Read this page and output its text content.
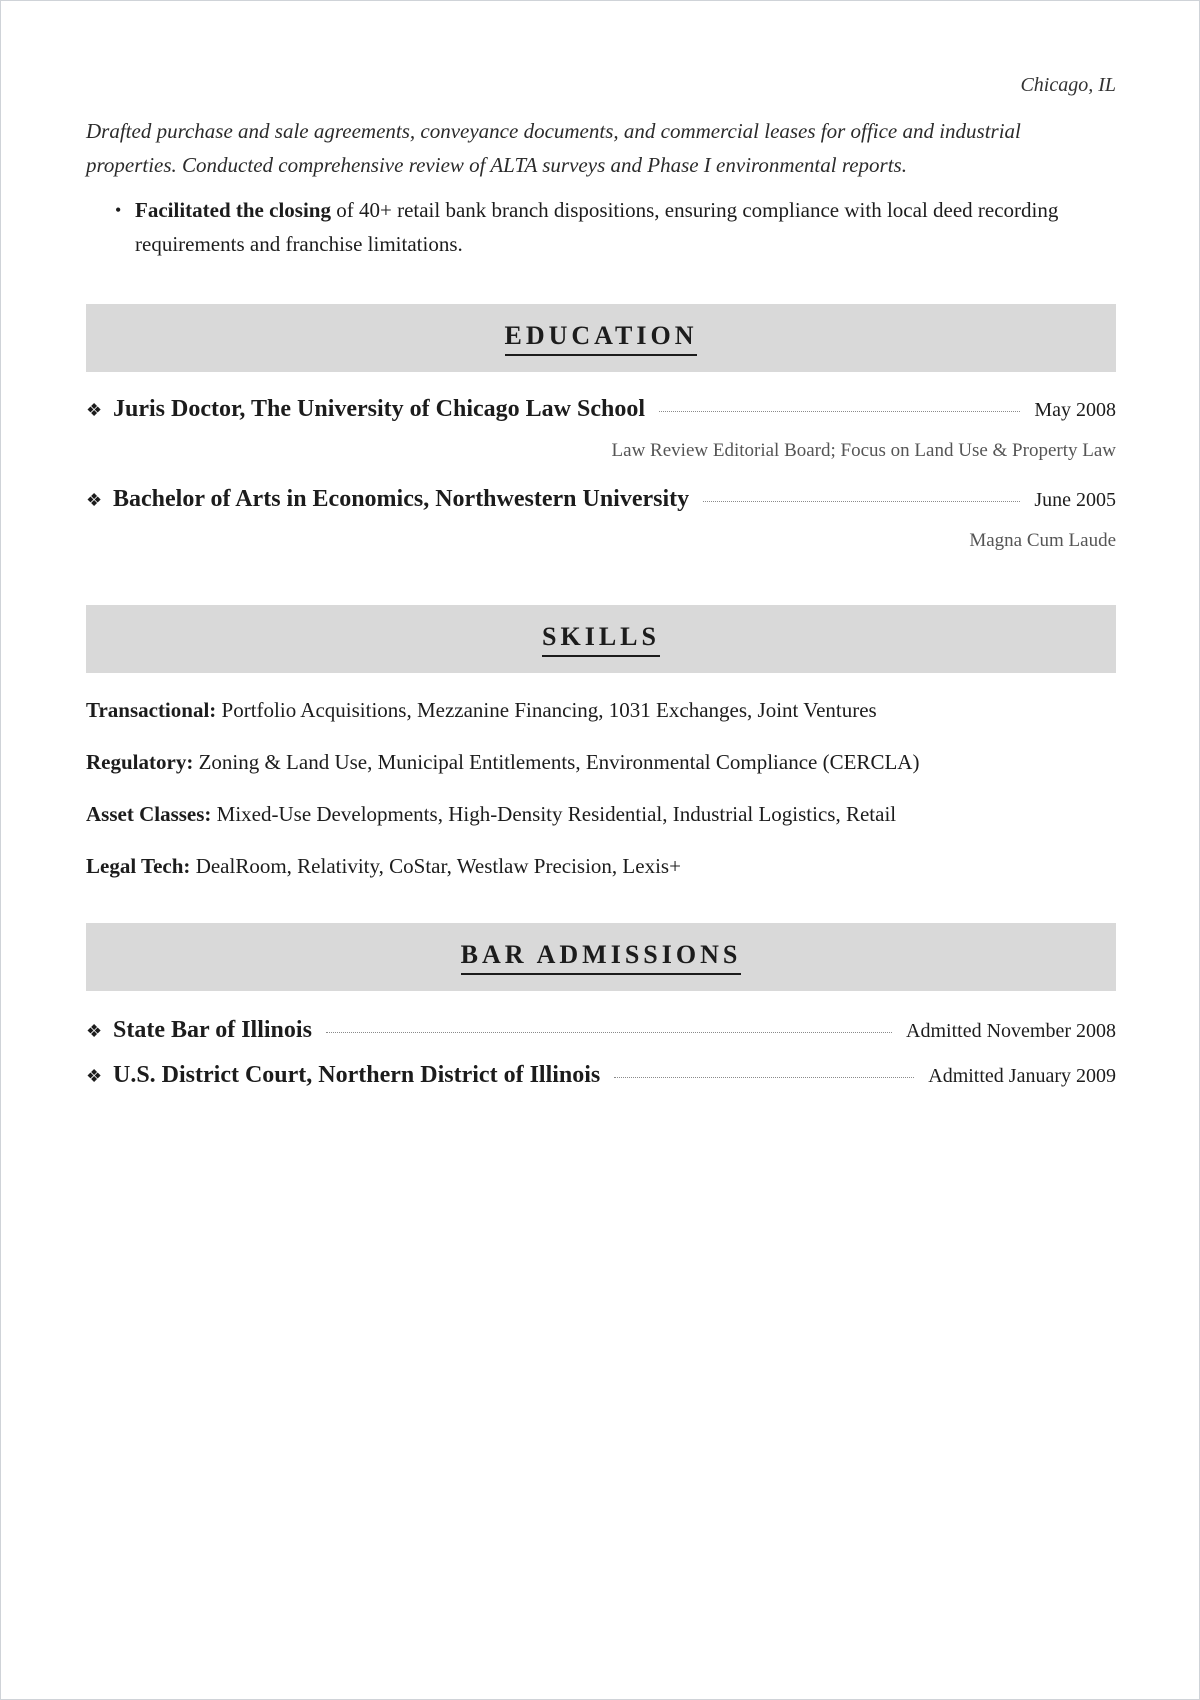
Chicago, IL
Drafted purchase and sale agreements, conveyance documents, and commercial leases for office and industrial properties. Conducted comprehensive review of ALTA surveys and Phase I environmental reports.
• Facilitated the closing of 40+ retail bank branch dispositions, ensuring compliance with local deed recording requirements and franchise limitations.
EDUCATION
❖ Juris Doctor, The University of Chicago Law School	May 2008
Law Review Editorial Board; Focus on Land Use & Property Law
❖ Bachelor of Arts in Economics, Northwestern University	June 2005
Magna Cum Laude
SKILLS
Transactional: Portfolio Acquisitions, Mezzanine Financing, 1031 Exchanges, Joint Ventures
Regulatory: Zoning & Land Use, Municipal Entitlements, Environmental Compliance (CERCLA)
Asset Classes: Mixed-Use Developments, High-Density Residential, Industrial Logistics, Retail
Legal Tech: DealRoom, Relativity, CoStar, Westlaw Precision, Lexis+
BAR ADMISSIONS
❖ State Bar of Illinois	Admitted November 2008
❖ U.S. District Court, Northern District of Illinois	Admitted January 2009
